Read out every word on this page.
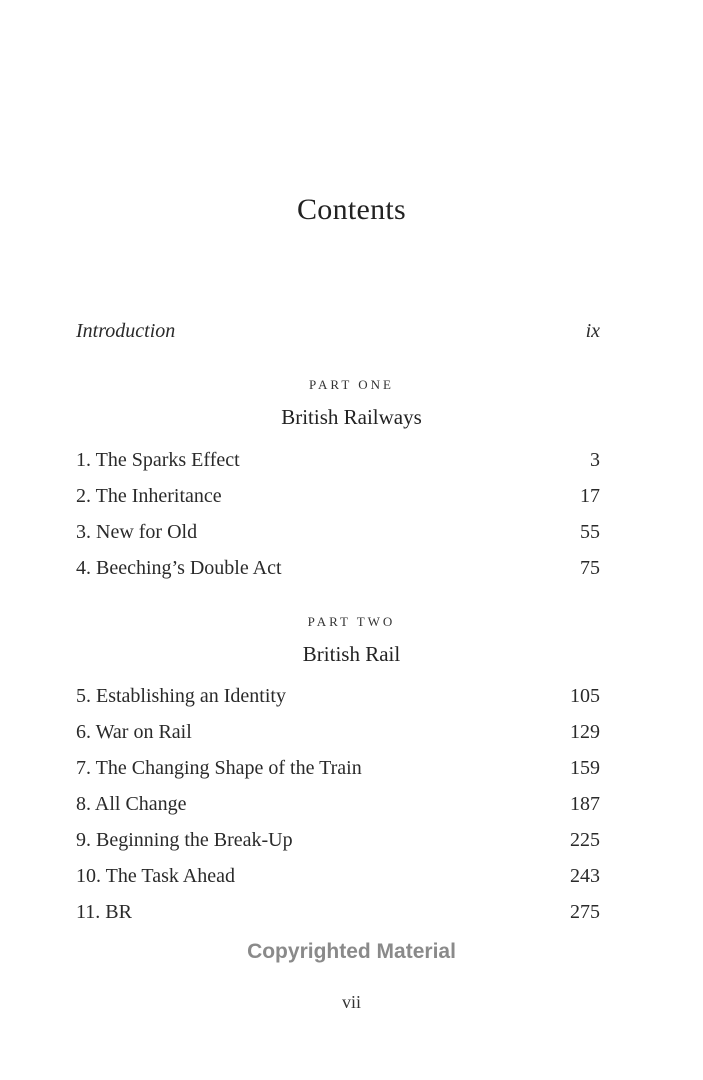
Contents
Introduction	ix
PART ONE
British Railways
1. The Sparks Effect	3
2. The Inheritance	17
3. New for Old	55
4. Beeching’s Double Act	75
PART TWO
British Rail
5. Establishing an Identity	105
6. War on Rail	129
7. The Changing Shape of the Train	159
8. All Change	187
9. Beginning the Break-Up	225
10. The Task Ahead	243
11. BR	275
Copyrighted Material
vii
